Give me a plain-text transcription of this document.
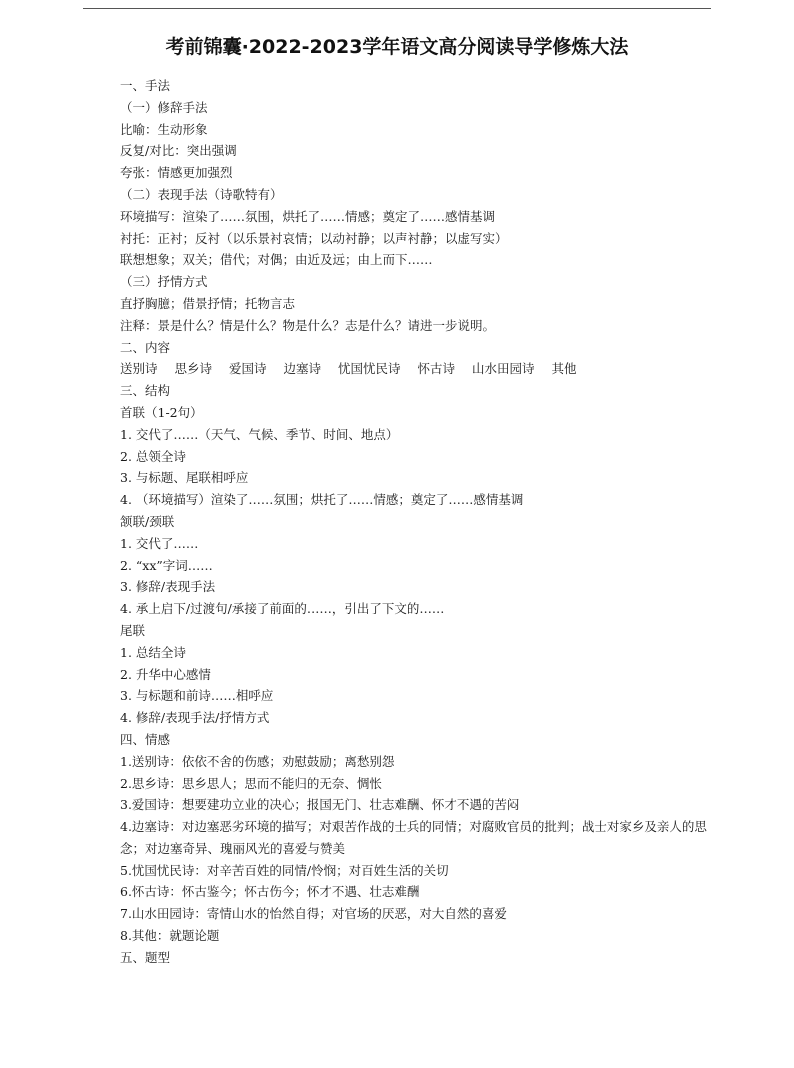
考前锦囊·2022-2023学年语文高分阅读导学修炼大法
一、手法
（一）修辞手法
比喻：生动形象
反复/对比：突出强调
夸张：情感更加强烈
（二）表现手法（诗歌特有）
环境描写：渲染了……氛围，烘托了……情感；奠定了……感情基调
衬托：正衬；反衬（以乐景衬哀情；以动衬静；以声衬静；以虚写实）
联想想象；双关；借代；对偶；由近及远；由上而下……
（三）抒情方式
直抒胸臆；借景抒情；托物言志
注释：景是什么？情是什么？物是什么？志是什么？请进一步说明。
二、内容
送别诗 思乡诗 爱国诗 边塞诗 忧国忧民诗 怀古诗 山水田园诗 其他
三、结构
首联（1-2句）
1. 交代了……（天气、气候、季节、时间、地点）
2. 总领全诗
3. 与标题、尾联相呼应
4. （环境描写）渲染了……氛围；烘托了……情感；奠定了……感情基调
颔联/颈联
1. 交代了……
2. “xx”字词……
3. 修辞/表现手法
4. 承上启下/过渡句/承接了前面的……，引出了下文的……
尾联
1. 总结全诗
2. 升华中心感情
3. 与标题和前诗……相呼应
4. 修辞/表现手法/抒情方式
四、情感
1.送别诗：依依不舍的伤感；劝慰鼓励；离愁别怨
2.思乡诗：思乡思人；思而不能归的无奈、惆怅
3.爱国诗：想要建功立业的决心；报国无门、壮志难酬、怀才不遇的苦闷
4.边塞诗：对边塞恶劣环境的描写；对艰苦作战的士兵的同情；对腐败官员的批判；战士对家乡及亲人的思念；对边塞奇异、瑰丽风光的喜爱与赞美
5.忧国忧民诗：对辛苦百姓的同情/怜悯；对百姓生活的关切
6.怀古诗：怀古鉴今；怀古伤今；怀才不遇、壮志难酬
7.山水田园诗：寄情山水的怡然自得；对官场的厌恶，对大自然的喜爱
8.其他：就题论题
五、题型
